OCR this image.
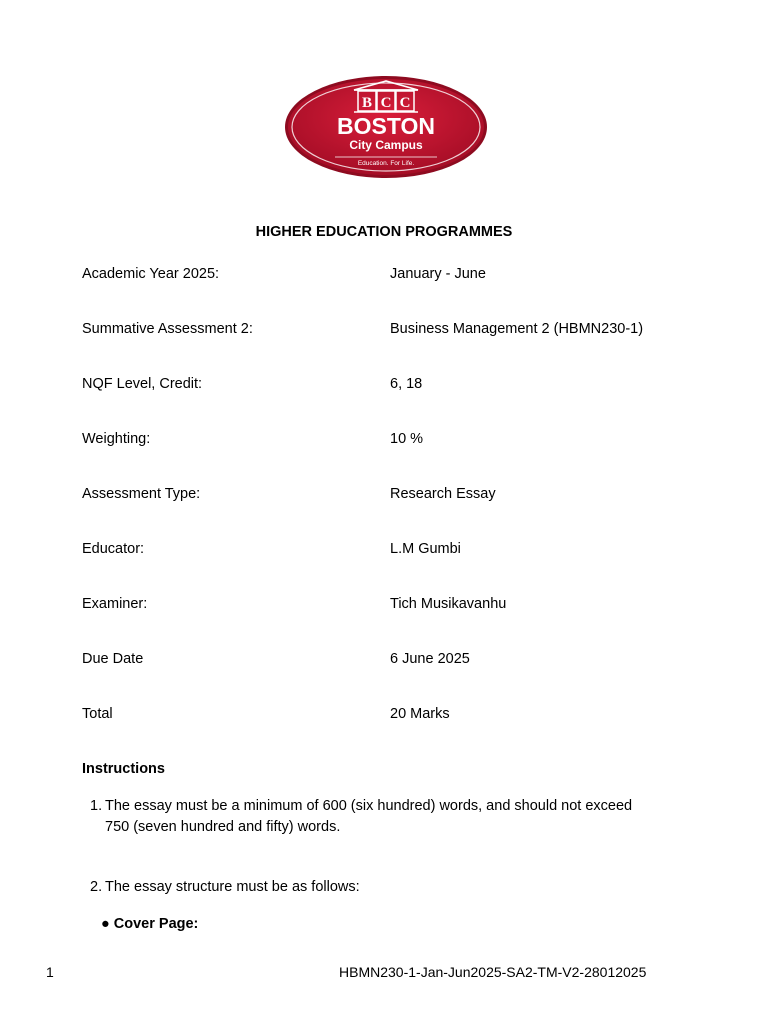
B C C
BOSTON
City Campus
Education. For Life.
HIGHER EDUCATION PROGRAMMES
Academic Year 2025:	January - June
Summative Assessment 2:	Business Management 2 (HBMN230-1)
NQF Level, Credit:	6, 18
Weighting:	10 %
Assessment Type:	Research Essay
Educator:	L.M Gumbi
Examiner:	Tich Musikavanhu
Due Date	6 June 2025
Total	20 Marks
Instructions
1. The essay must be a minimum of 600 (six hundred) words, and should not exceed
750 (seven hundred and fifty) words.
2. The essay structure must be as follows:
● Cover Page:
1	HBMN230-1-Jan-Jun2025-SA2-TM-V2-28012025
